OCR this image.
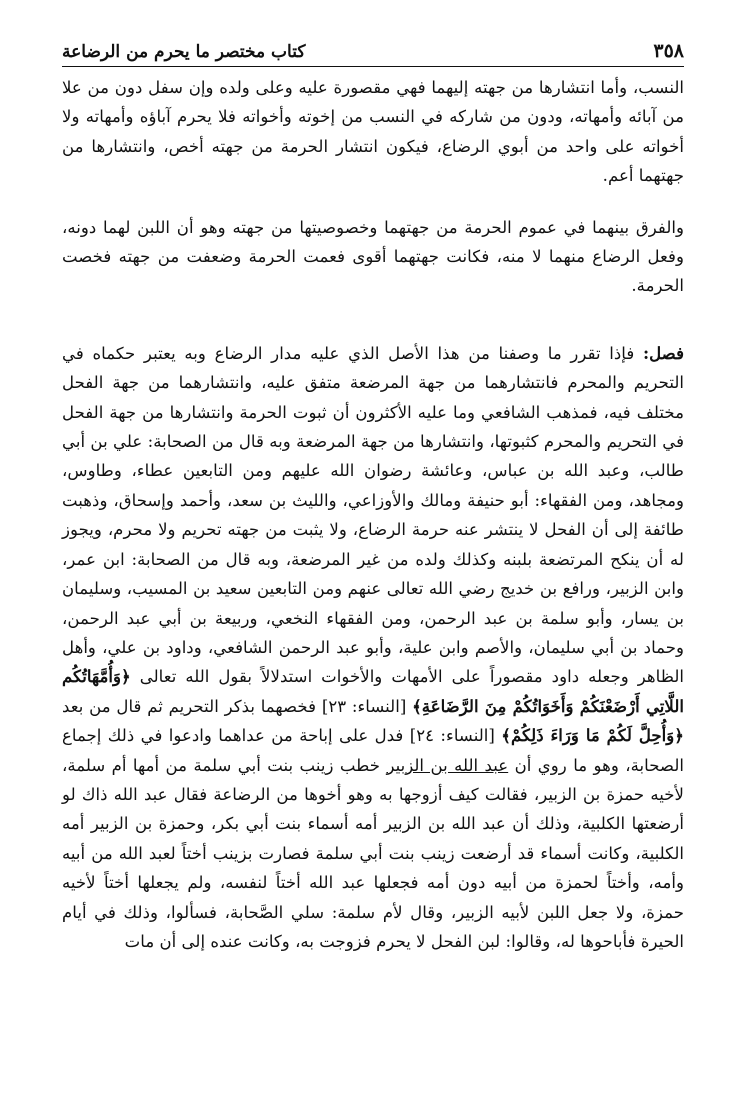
٣٥٨
كتاب مختصر ما يحرم من الرضاعة

النسب، وأما انتشارها من جهته إليهما فهي مقصورة عليه وعلى ولده وإن سفل دون من علا من آبائه وأمهاته، ودون من شاركه في النسب من إخوته وأخواته فلا يحرم آباؤه وأمهاته ولا أخواته على واحد من أبوي الرضاع، فيكون انتشار الحرمة من جهته أخص، وانتشارها من جهتهما أعم.

والفرق بينهما في عموم الحرمة من جهتهما وخصوصيتها من جهته وهو أن اللبن لهما دونه، وفعل الرضاع منهما لا منه، فكانت جهتهما أقوى فعمت الحرمة وضعفت من جهته فخصت الحرمة.

فصل: فإذا تقرر ما وصفنا من هذا الأصل الذي عليه مدار الرضاع وبه يعتبر حكماه في التحريم والمحرم فانتشارهما من جهة المرضعة متفق عليه، وانتشارهما من جهة الفحل مختلف فيه، فمذهب الشافعي وما عليه الأكثرون أن ثبوت الحرمة وانتشارها من جهة الفحل في التحريم والمحرم كثبوتها، وانتشارها من جهة المرضعة وبه قال من الصحابة: علي بن أبي طالب، وعبد الله بن عباس، وعائشة رضوان الله عليهم ومن التابعين عطاء، وطاوس، ومجاهد، ومن الفقهاء: أبو حنيفة ومالك والأوزاعي، والليث بن سعد، وأحمد وإسحاق، وذهبت طائفة إلى أن الفحل لا ينتشر عنه حرمة الرضاع، ولا يثبت من جهته تحريم ولا محرم، ويجوز له أن ينكح المرتضعة بلبنه وكذلك ولده من غير المرضعة، وبه قال من الصحابة: ابن عمر، وابن الزبير، ورافع بن خديج رضي الله تعالى عنهم ومن التابعين سعيد بن المسيب، وسليمان بن يسار، وأبو سلمة بن عبد الرحمن، ومن الفقهاء النخعي، وربيعة بن أبي عبد الرحمن، وحماد بن أبي سليمان، والأصم وابن علية، وأبو عبد الرحمن الشافعي، وداود بن علي، وأهل الظاهر وجعله داود مقصوراً على الأمهات والأخوات استدلالاً بقول الله تعالى ﴿وَأُمَّهَاتُكُم اللَّاتِي أَرْضَعْنَكُمْ وَأَخَوَاتُكُمْ مِنَ الرَّضَاعَةِ﴾ [النساء: ٢٣] فخصهما بذكر التحريم ثم قال من بعد ﴿وَأُحِلَّ لَكُمْ مَا وَرَاءَ ذَلِكُمْ﴾ [النساء: ٢٤] فدل على إباحة من عداهما وادعوا في ذلك إجماع الصحابة، وهو ما روي أن عبد الله بن الزبير خطب زينب بنت أبي سلمة من أمها أم سلمة، لأخيه حمزة بن الزبير، فقالت كيف أزوجها به وهو أخوها من الرضاعة فقال عبد الله ذاك لو أرضعتها الكلبية، وذلك أن عبد الله بن الزبير أمه أسماء بنت أبي بكر، وحمزة بن الزبير أمه الكلبية، وكانت أسماء قد أرضعت زينب بنت أبي سلمة فصارت بزينب أختاً لعبد الله من أبيه وأمه، وأختاً لحمزة من أبيه دون أمه فجعلها عبد الله أختاً لنفسه، ولم يجعلها أختاً لأخيه حمزة، ولا جعل اللبن لأبيه الزبير، وقال لأم سلمة: سلي الصَّحابة، فسألوا، وذلك في أيام الحيرة فأباحوها له، وقالوا: لبن الفحل لا يحرم فزوجت به، وكانت عنده إلى أن مات
